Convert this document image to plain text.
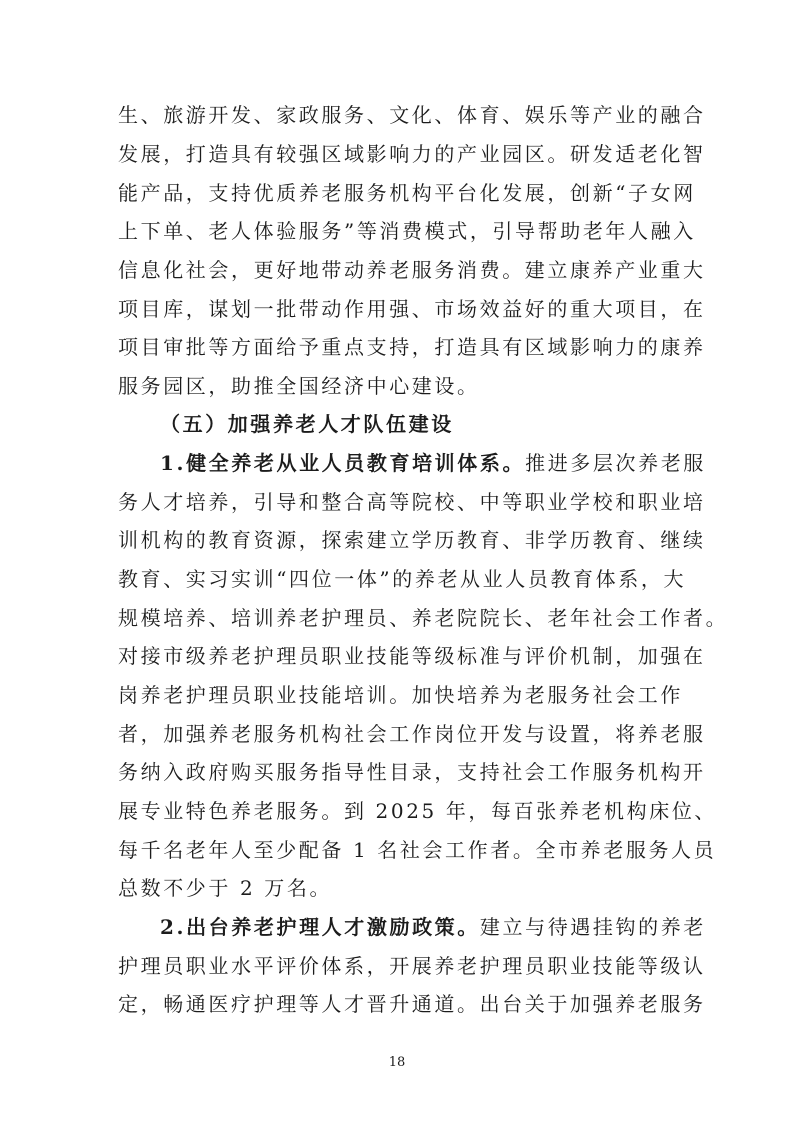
生、旅游开发、家政服务、文化、体育、娱乐等产业的融合
发展，打造具有较强区域影响力的产业园区。研发适老化智
能产品，支持优质养老服务机构平台化发展，创新“子女网
上下单、老人体验服务”等消费模式，引导帮助老年人融入
信息化社会，更好地带动养老服务消费。建立康养产业重大
项目库，谋划一批带动作用强、市场效益好的重大项目，在
项目审批等方面给予重点支持，打造具有区域影响力的康养
服务园区，助推全国经济中心建设。
（五）加强养老人才队伍建设
1.健全养老从业人员教育培训体系。推进多层次养老服
务人才培养，引导和整合高等院校、中等职业学校和职业培
训机构的教育资源，探索建立学历教育、非学历教育、继续
教育、实习实训“四位一体”的养老从业人员教育体系，大
规模培养、培训养老护理员、养老院院长、老年社会工作者。
对接市级养老护理员职业技能等级标准与评价机制，加强在
岗养老护理员职业技能培训。加快培养为老服务社会工作
者，加强养老服务机构社会工作岗位开发与设置，将养老服
务纳入政府购买服务指导性目录，支持社会工作服务机构开
展专业特色养老服务。到 2025 年，每百张养老机构床位、
每千名老年人至少配备 1 名社会工作者。全市养老服务人员
总数不少于 2 万名。
2.出台养老护理人才激励政策。建立与待遇挂钩的养老
护理员职业水平评价体系，开展养老护理员职业技能等级认
定，畅通医疗护理等人才晋升通道。出台关于加强养老服务
18
